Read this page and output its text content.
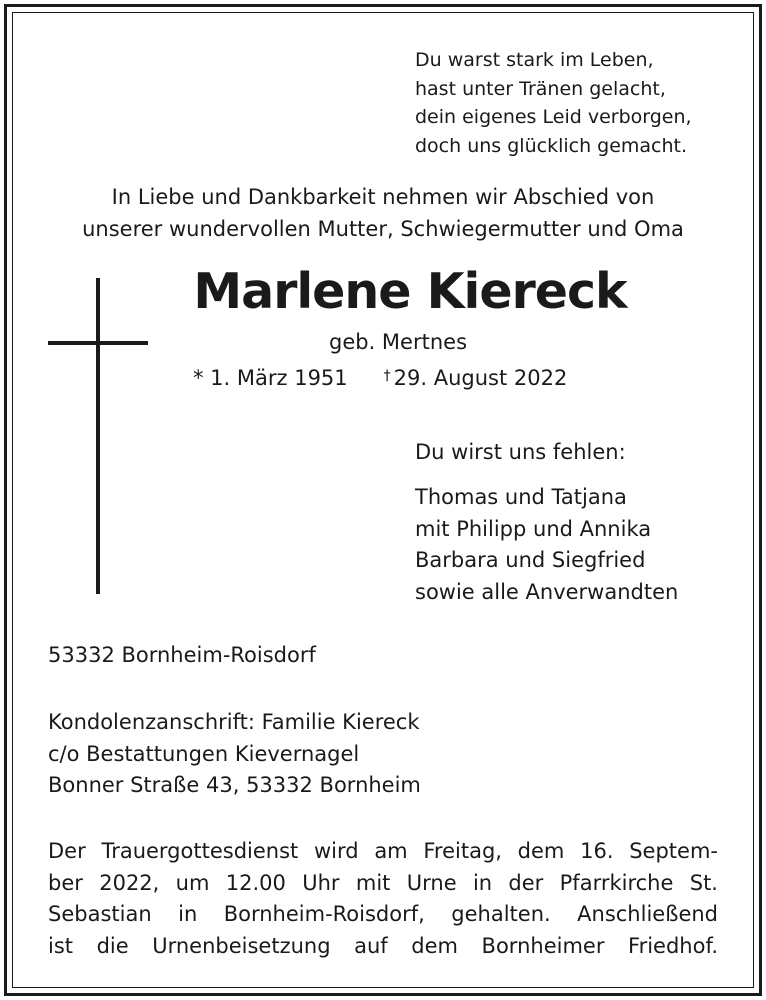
Du warst stark im Leben,
hast unter Tränen gelacht,
dein eigenes Leid verborgen,
doch uns glücklich gemacht.
In Liebe und Dankbarkeit nehmen wir Abschied von
unserer wundervollen Mutter, Schwiegermutter und Oma
Marlene Kiereck
geb. Mertnes
* 1. März 1951	† 29. August 2022
Du wirst uns fehlen:
Thomas und Tatjana
mit Philipp und Annika
Barbara und Siegfried
sowie alle Anverwandten
53332 Bornheim-Roisdorf
Kondolenzanschrift: Familie Kiereck
c/o Bestattungen Kievernagel
Bonner Straße 43, 53332 Bornheim
Der Trauergottesdienst wird am Freitag, dem 16. Septem-
ber 2022, um 12.00 Uhr mit Urne in der Pfarrkirche St.
Sebastian in Bornheim-Roisdorf, gehalten. Anschließend
ist die Urnenbeisetzung auf dem Bornheimer Friedhof.
